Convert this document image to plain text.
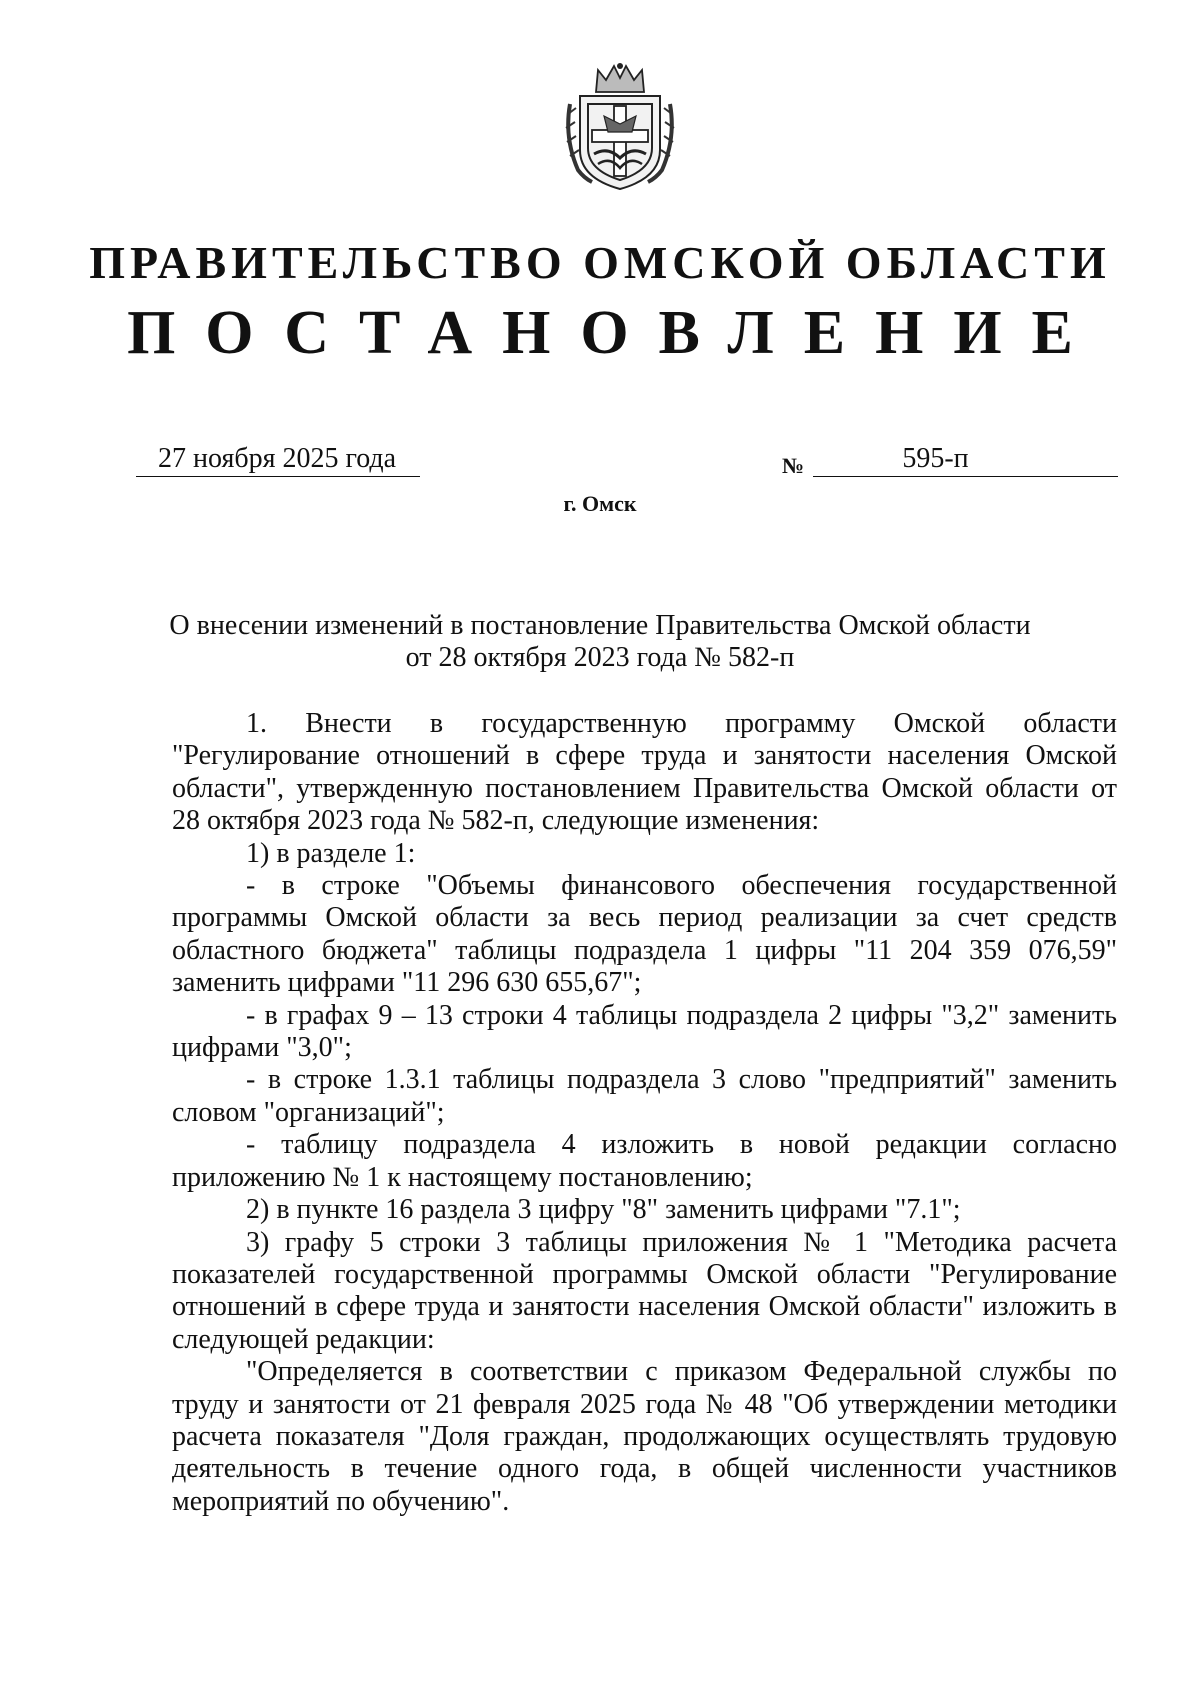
ПРАВИТЕЛЬСТВО ОМСКОЙ ОБЛАСТИ
ПОСТАНОВЛЕНИЕ
27 ноября 2025 года	№	595-п
г. Омск
О внесении изменений в постановление Правительства Омской области
от 28 октября 2023 года № 582-п

1. Внести в государственную программу Омской области "Регулирование отношений в сфере труда и занятости населения Омской области", утвержденную постановлением Правительства Омской области от 28 октября 2023 года № 582-п, следующие изменения:

1) в разделе 1:

- в строке "Объемы финансового обеспечения государственной программы Омской области за весь период реализации за счет средств областного бюджета" таблицы подраздела 1 цифры "11 204 359 076,59" заменить цифрами "11 296 630 655,67";

- в графах 9 – 13 строки 4 таблицы подраздела 2 цифры "3,2" заменить цифрами "3,0";

- в строке 1.3.1 таблицы подраздела 3 слово "предприятий" заменить словом "организаций";

- таблицу подраздела 4 изложить в новой редакции согласно приложению № 1 к настоящему постановлению;

2) в пункте 16 раздела 3 цифру "8" заменить цифрами "7.1";

3) графу 5 строки 3 таблицы приложения № 1 "Методика расчета показателей государственной программы Омской области "Регулирование отношений в сфере труда и занятости населения Омской области" изложить в следующей редакции:

"Определяется в соответствии с приказом Федеральной службы по труду и занятости от 21 февраля 2025 года № 48 "Об утверждении методики расчета показателя "Доля граждан, продолжающих осуществлять трудовую деятельность в течение одного года, в общей численности участников мероприятий по обучению".
